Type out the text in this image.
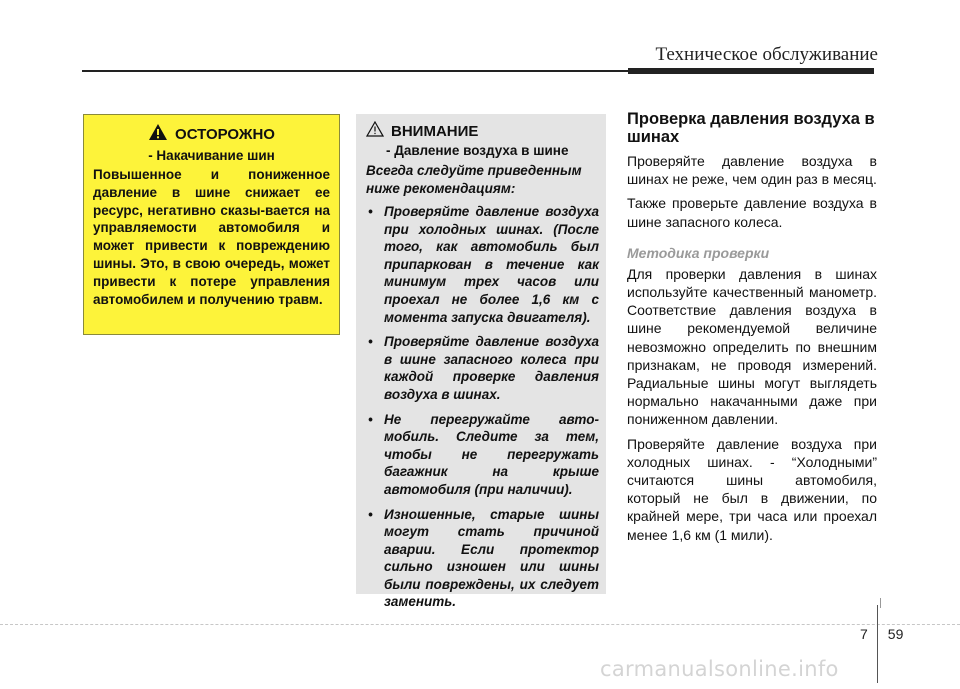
Техническое обслуживание
ОСТОРОЖНО
- Накачивание шин
Повышенное и пониженное давление в шине снижает ее ресурс, негативно сказы-вается на управляемости автомобиля и может привести к повреждению шины. Это, в свою очередь, может привести к потере управления автомобилем и получению травм.
ВНИМАНИЕ
- Давление воздуха в шине
Всегда следуйте приведенным ниже рекомендациям:
• Проверяйте давление воздуха при холодных шинах. (После того, как автомобиль был припаркован в течение как минимум трех часов или проехал не более 1,6 км с момента запуска двигателя).
• Проверяйте давление воздуха в шине запасного колеса при каждой проверке давления воздуха в шинах.
• Не перегружайте авто-мобиль. Следите за тем, чтобы не перегружать багажник на крыше автомобиля (при наличии).
• Изношенные, старые шины могут стать причиной аварии. Если протектор сильно изношен или шины были повреждены, их следует заменить.
Проверка давления воздуха в шинах

Проверяйте давление воздуха в шинах не реже, чем один раз в месяц.

Также проверьте давление воздуха в шине запасного колеса.

Методика проверки

Для проверки давления в шинах используйте качественный манометр. Соответствие давления воздуха в шине рекомендуемой величине невозможно определить по внешним признакам, не проводя измерений. Радиальные шины могут выглядеть нормально накачанными даже при пониженном давлении.

Проверяйте давление воздуха при холодных шинах. - “Холодными” считаются шины автомобиля, который не был в движении, по крайней мере, три часа или проехал менее 1,6 км (1 мили).

7 59
carmanualsonline.info
